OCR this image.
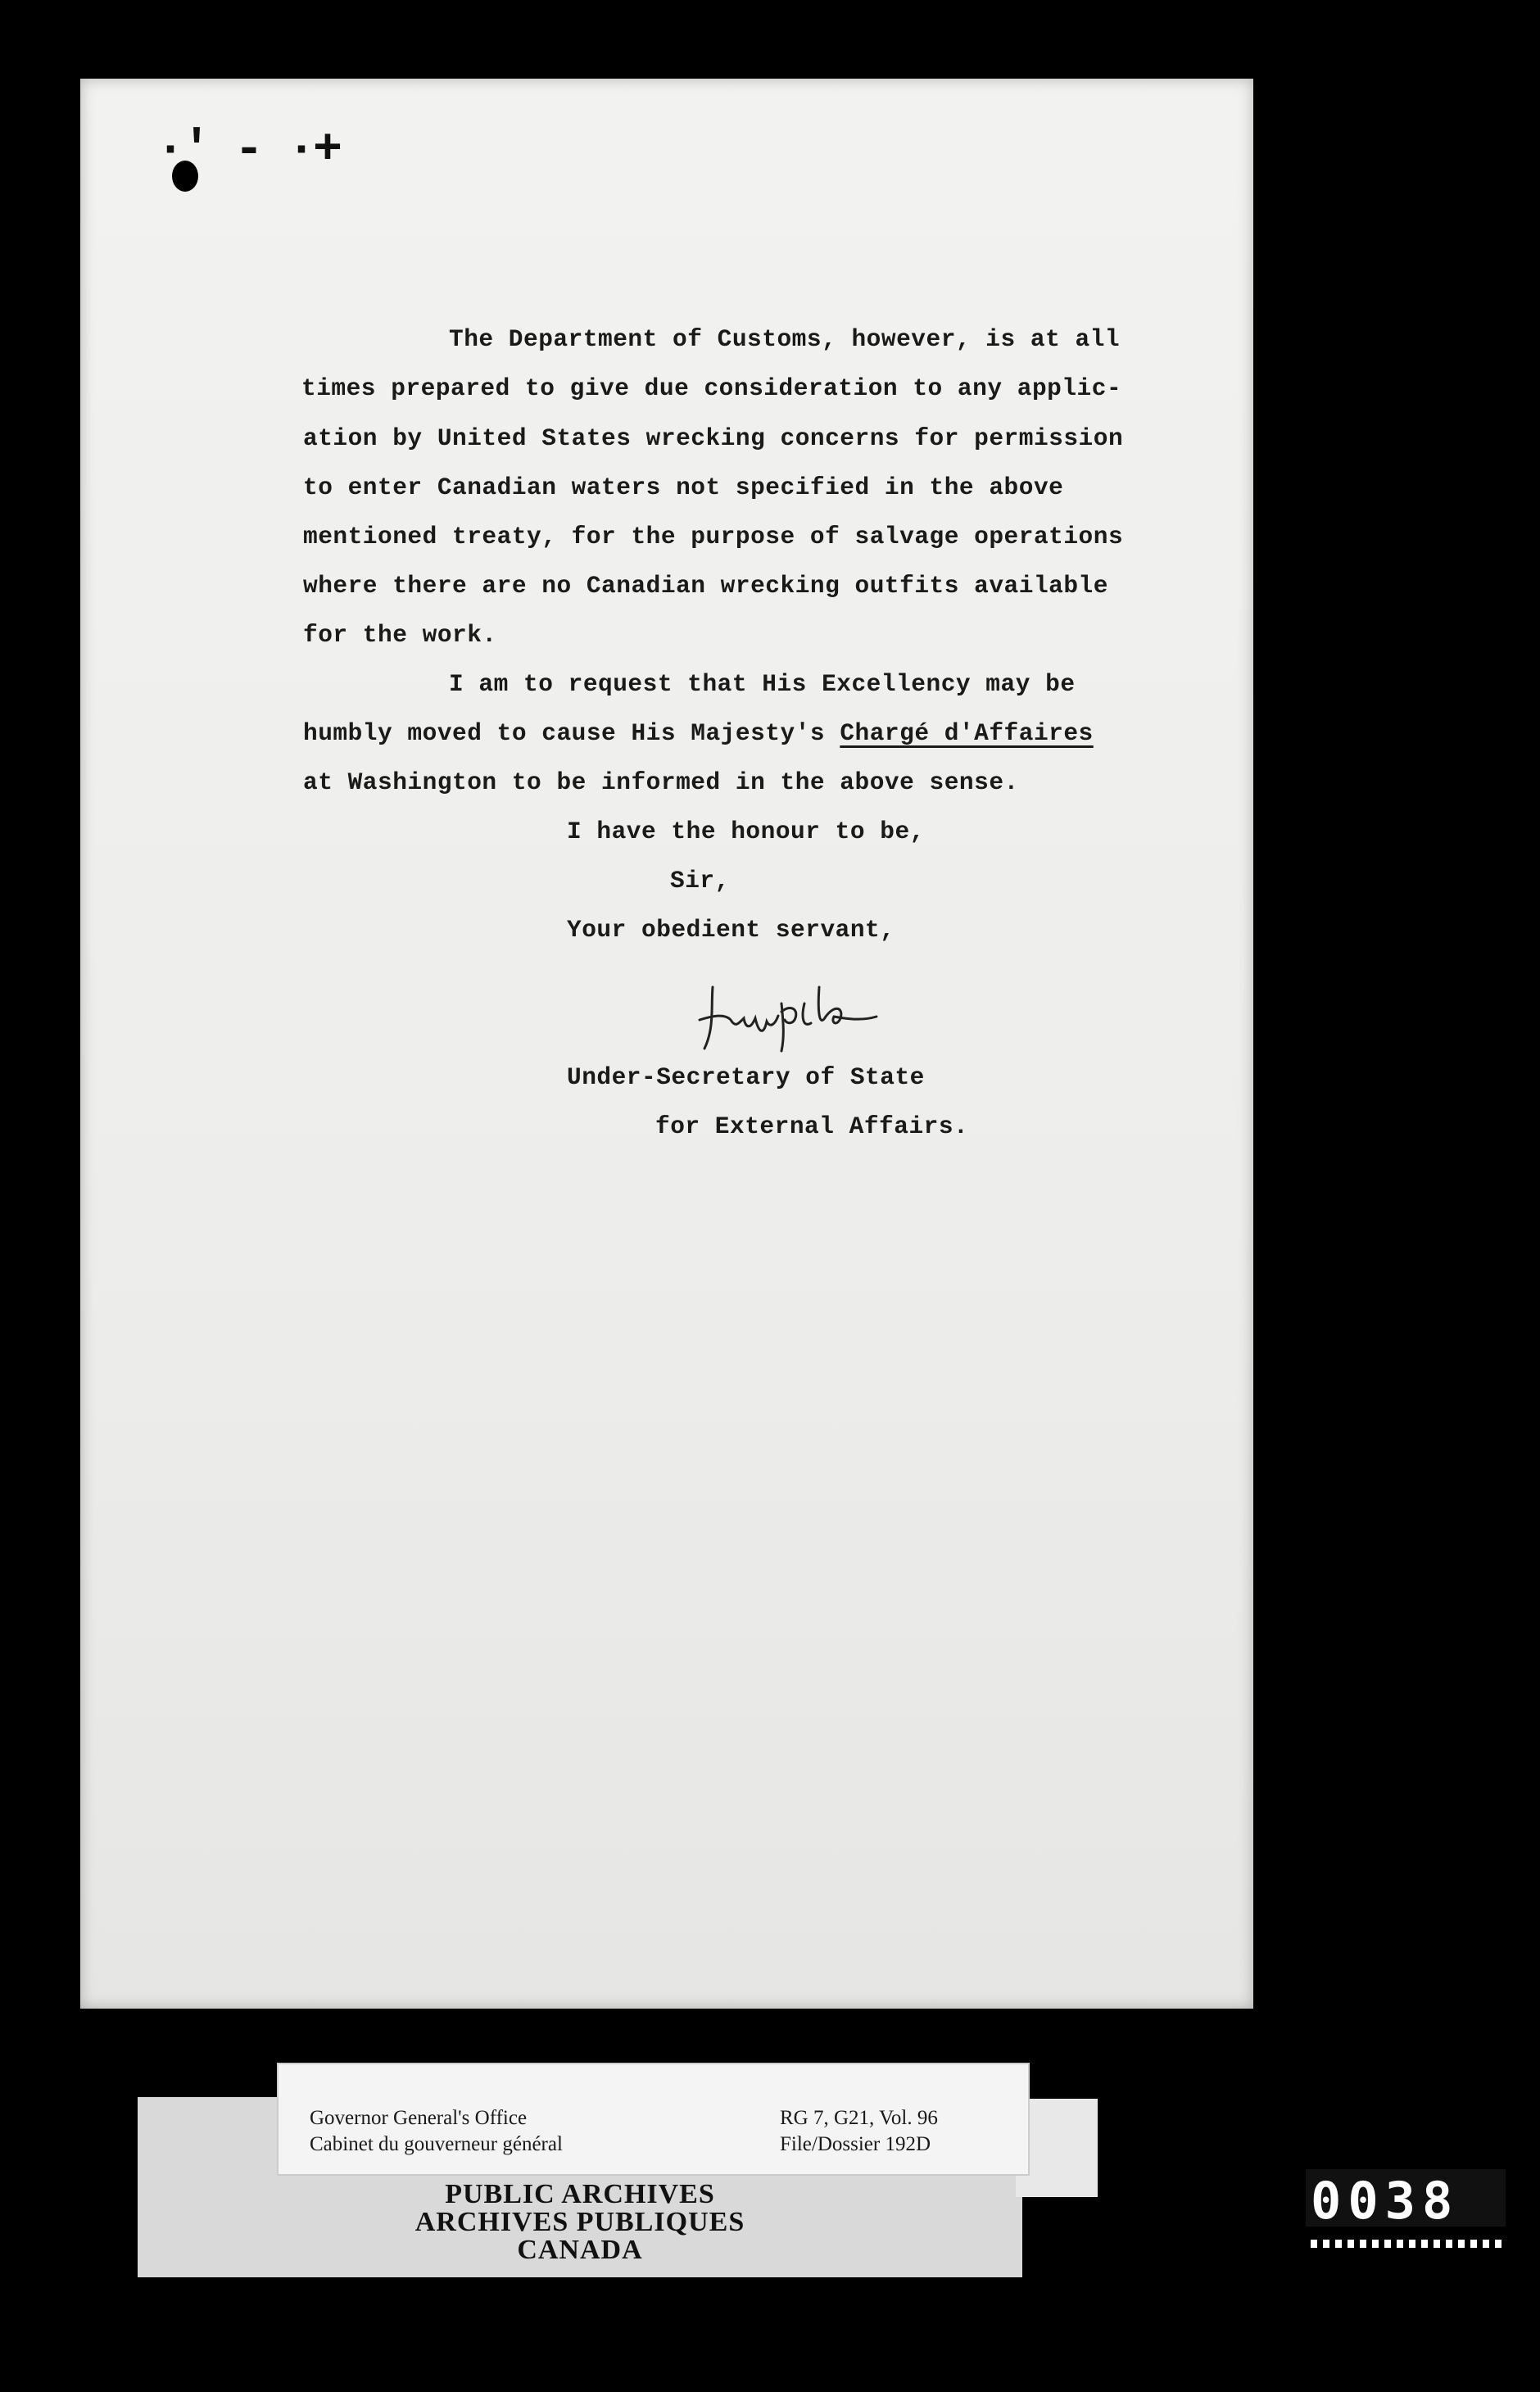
·' - ·+
The Department of Customs, however, is at all
times prepared to give due consideration to any applic-
ation by United States wrecking concerns for permission
to enter Canadian waters not specified in the above
mentioned treaty, for the purpose of salvage operations
where there are no Canadian wrecking outfits available
for the work.
I am to request that His Excellency may be
humbly moved to cause His Majesty's Chargé d'Affaires
at Washington to be informed in the above sense.
I have the honour to be,
Sir,
Your obedient servant,
Under-Secretary of State
for External Affairs.
Governor General's Office
Cabinet du gouverneur général
RG 7, G21, Vol. 96
File/Dossier 192D
PUBLIC ARCHIVES
ARCHIVES PUBLIQUES
CANADA
0038
